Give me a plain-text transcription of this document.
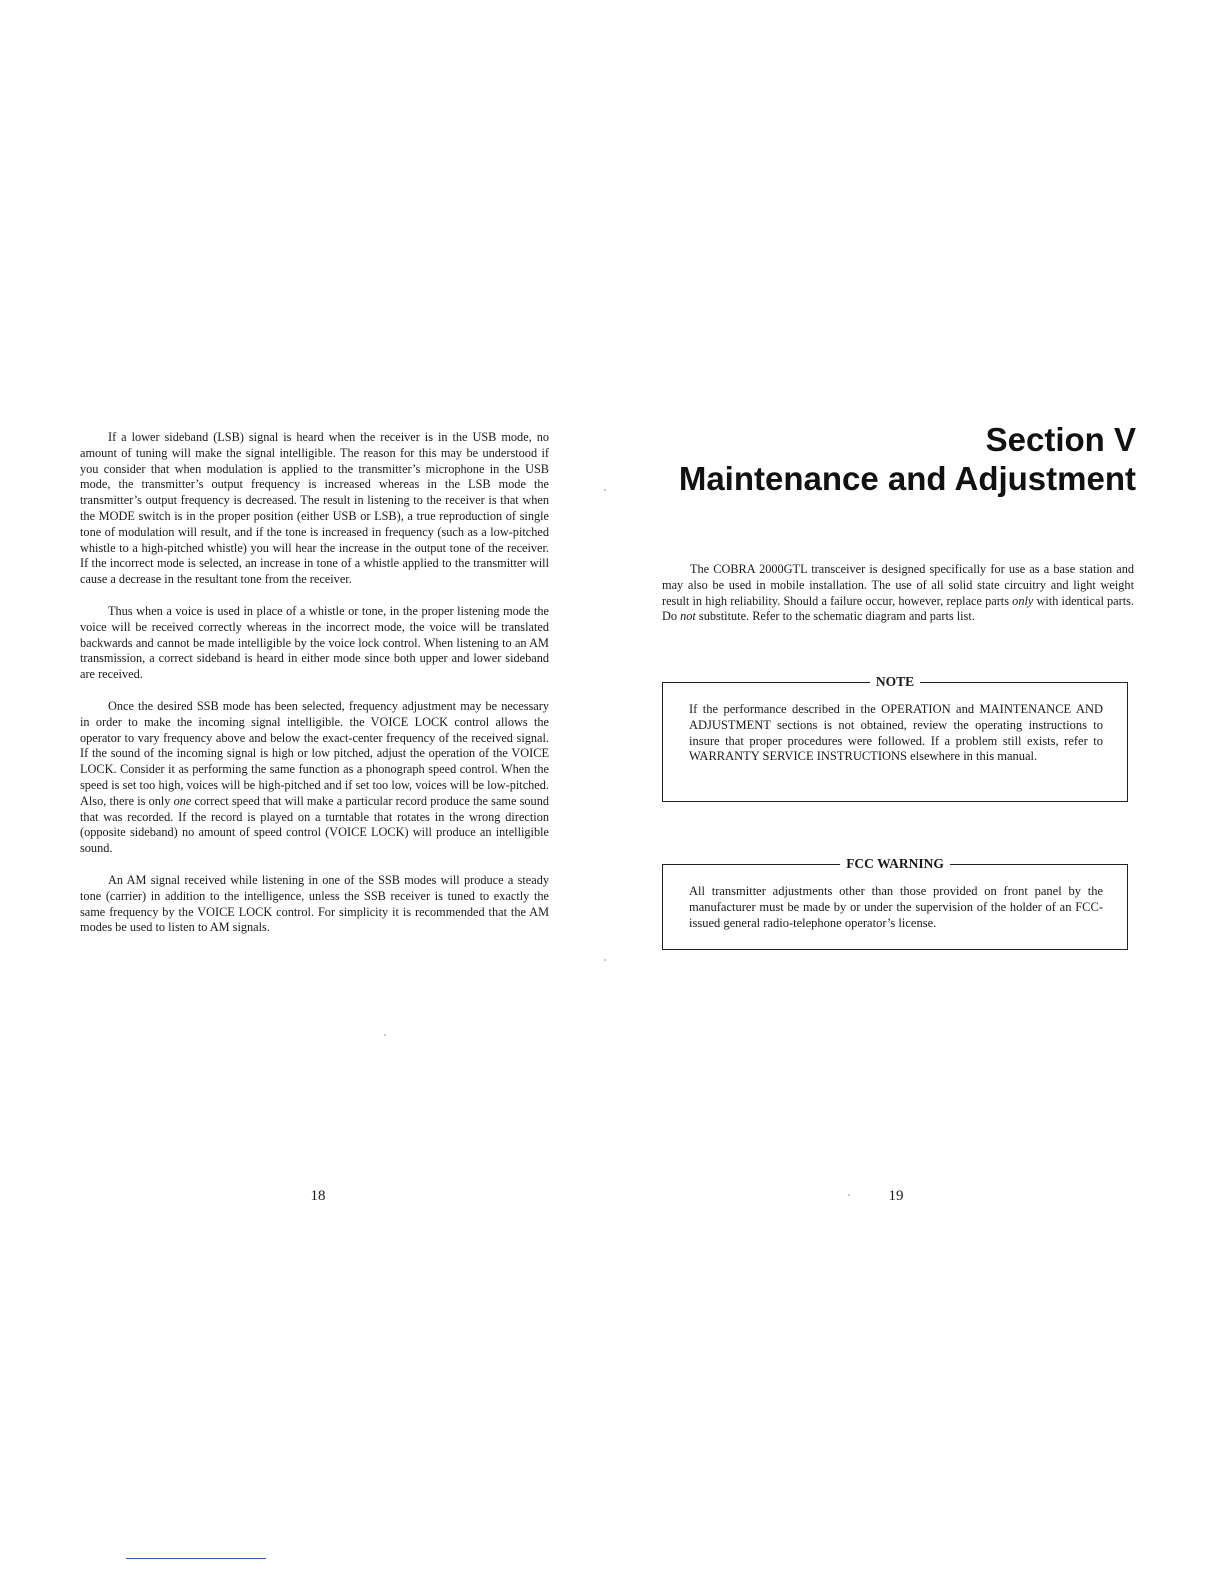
If a lower sideband (LSB) signal is heard when the receiver is in the USB mode, no amount of tuning will make the signal intelligible. The reason for this may be understood if you consider that when modulation is applied to the transmitter’s microphone in the USB mode, the transmitter’s output frequency is increased whereas in the LSB mode the transmitter’s output frequency is decreased. The result in listening to the receiver is that when the MODE switch is in the proper position (either USB or LSB), a true reproduction of single tone of modulation will result, and if the tone is increased in frequency (such as a low-pitched whistle to a high-pitched whistle) you will hear the increase in the output tone of the receiver. If the incorrect mode is selected, an increase in tone of a whistle applied to the transmitter will cause a decrease in the resultant tone from the receiver.

Thus when a voice is used in place of a whistle or tone, in the proper listening mode the voice will be received correctly whereas in the incorrect mode, the voice will be translated backwards and cannot be made intelligible by the voice lock control. When listening to an AM transmission, a correct sideband is heard in either mode since both upper and lower sideband are received.

Once the desired SSB mode has been selected, frequency adjustment may be necessary in order to make the incoming signal intelligible. the VOICE LOCK control allows the operator to vary frequency above and below the exact-center frequency of the received signal. If the sound of the incoming signal is high or low pitched, adjust the operation of the VOICE LOCK. Consider it as performing the same function as a phonograph speed control. When the speed is set too high, voices will be high-pitched and if set too low, voices will be low-pitched. Also, there is only one correct speed that will make a particular record produce the same sound that was recorded. If the record is played on a turntable that rotates in the wrong direction (opposite sideband) no amount of speed control (VOICE LOCK) will produce an intelligible sound.

An AM signal received while listening in one of the SSB modes will produce a steady tone (carrier) in addition to the intelligence, unless the SSB receiver is tuned to exactly the same frequency by the VOICE LOCK control. For simplicity it is recommended that the AM modes be used to listen to AM signals.

18
Section V
Maintenance and Adjustment

The COBRA 2000GTL transceiver is designed specifically for use as a base station and may also be used in mobile installation. The use of all solid state circuitry and light weight result in high reliability. Should a failure occur, however, replace parts only with identical parts. Do not substitute. Refer to the schematic diagram and parts list.

NOTE

If the performance described in the OPERATION and MAINTENANCE AND ADJUSTMENT sections is not obtained, review the operating instructions to insure that proper procedures were followed. If a problem still exists, refer to WARRANTY SERVICE INSTRUCTIONS elsewhere in this manual.

FCC WARNING

All transmitter adjustments other than those provided on front panel by the manufacturer must be made by or under the supervision of the holder of an FCC-issued general radio-telephone operator’s license.

19
